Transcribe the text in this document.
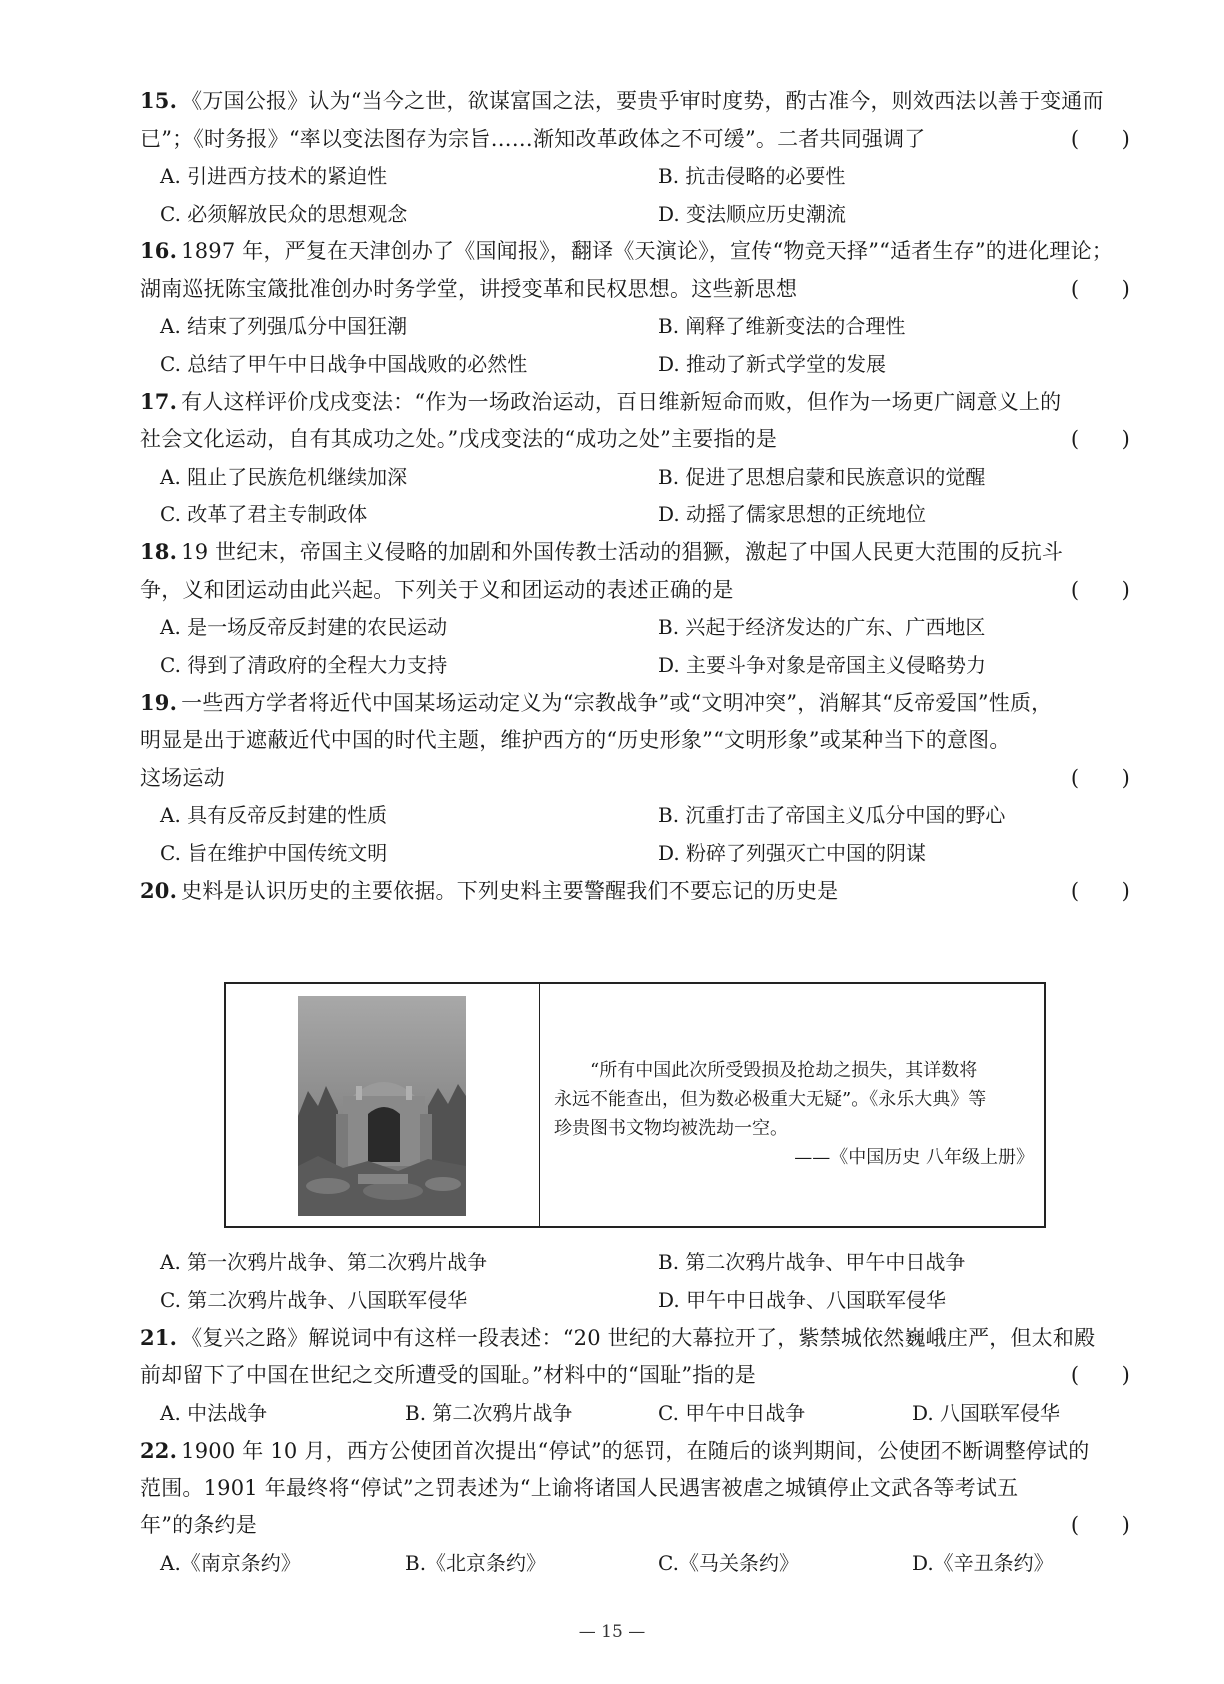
15. 《万国公报》认为“当今之世，欲谋富国之法，要贵乎审时度势，酌古准今，则效西法以善于变通而
已”；《时务报》“率以变法图存为宗旨……渐知改革政体之不可缓”。二者共同强调了	(　　)
A. 引进西方技术的紧迫性	B. 抗击侵略的必要性
C. 必须解放民众的思想观念	D. 变法顺应历史潮流
16. 1897 年，严复在天津创办了《国闻报》，翻译《天演论》，宣传“物竞天择”“适者生存”的进化理论；
湖南巡抚陈宝箴批准创办时务学堂，讲授变革和民权思想。这些新思想	(　　)
A. 结束了列强瓜分中国狂潮	B. 阐释了维新变法的合理性
C. 总结了甲午中日战争中国战败的必然性	D. 推动了新式学堂的发展
17. 有人这样评价戊戌变法：“作为一场政治运动，百日维新短命而败，但作为一场更广阔意义上的
社会文化运动，自有其成功之处。”戊戌变法的“成功之处”主要指的是	(　　)
A. 阻止了民族危机继续加深	B. 促进了思想启蒙和民族意识的觉醒
C. 改革了君主专制政体	D. 动摇了儒家思想的正统地位
18. 19 世纪末，帝国主义侵略的加剧和外国传教士活动的猖獗，激起了中国人民更大范围的反抗斗
争，义和团运动由此兴起。下列关于义和团运动的表述正确的是	(　　)
A. 是一场反帝反封建的农民运动	B. 兴起于经济发达的广东、广西地区
C. 得到了清政府的全程大力支持	D. 主要斗争对象是帝国主义侵略势力
19. 一些西方学者将近代中国某场运动定义为“宗教战争”或“文明冲突”，消解其“反帝爱国”性质，
明显是出于遮蔽近代中国的时代主题，维护西方的“历史形象”“文明形象”或某种当下的意图。
这场运动	(　　)
A. 具有反帝反封建的性质	B. 沉重打击了帝国主义瓜分中国的野心
C. 旨在维护中国传统文明	D. 粉碎了列强灭亡中国的阴谋
20. 史料是认识历史的主要依据。下列史料主要警醒我们不要忘记的历史是	(　　)

“所有中国此次所受毁损及抢劫之损失，其详数将

永远不能查出，但为数必极重大无疑”。《永乐大典》等

珍贵图书文物均被洗劫一空。

——《中国历史 八年级上册》

A. 第一次鸦片战争、第二次鸦片战争	B. 第二次鸦片战争、甲午中日战争
C. 第二次鸦片战争、八国联军侵华	D. 甲午中日战争、八国联军侵华
21. 《复兴之路》解说词中有这样一段表述：“20 世纪的大幕拉开了，紫禁城依然巍峨庄严，但太和殿
前却留下了中国在世纪之交所遭受的国耻。”材料中的“国耻”指的是	(　　)
A. 中法战争	B. 第二次鸦片战争	C. 甲午中日战争	D. 八国联军侵华
22. 1900 年 10 月，西方公使团首次提出“停试”的惩罚，在随后的谈判期间，公使团不断调整停试的
范围。1901 年最终将“停试”之罚表述为“上谕将诸国人民遇害被虐之城镇停止文武各等考试五
年”的条约是	(　　)
A.《南京条约》	B.《北京条约》	C.《马关条约》	D.《辛丑条约》
— 15 —
